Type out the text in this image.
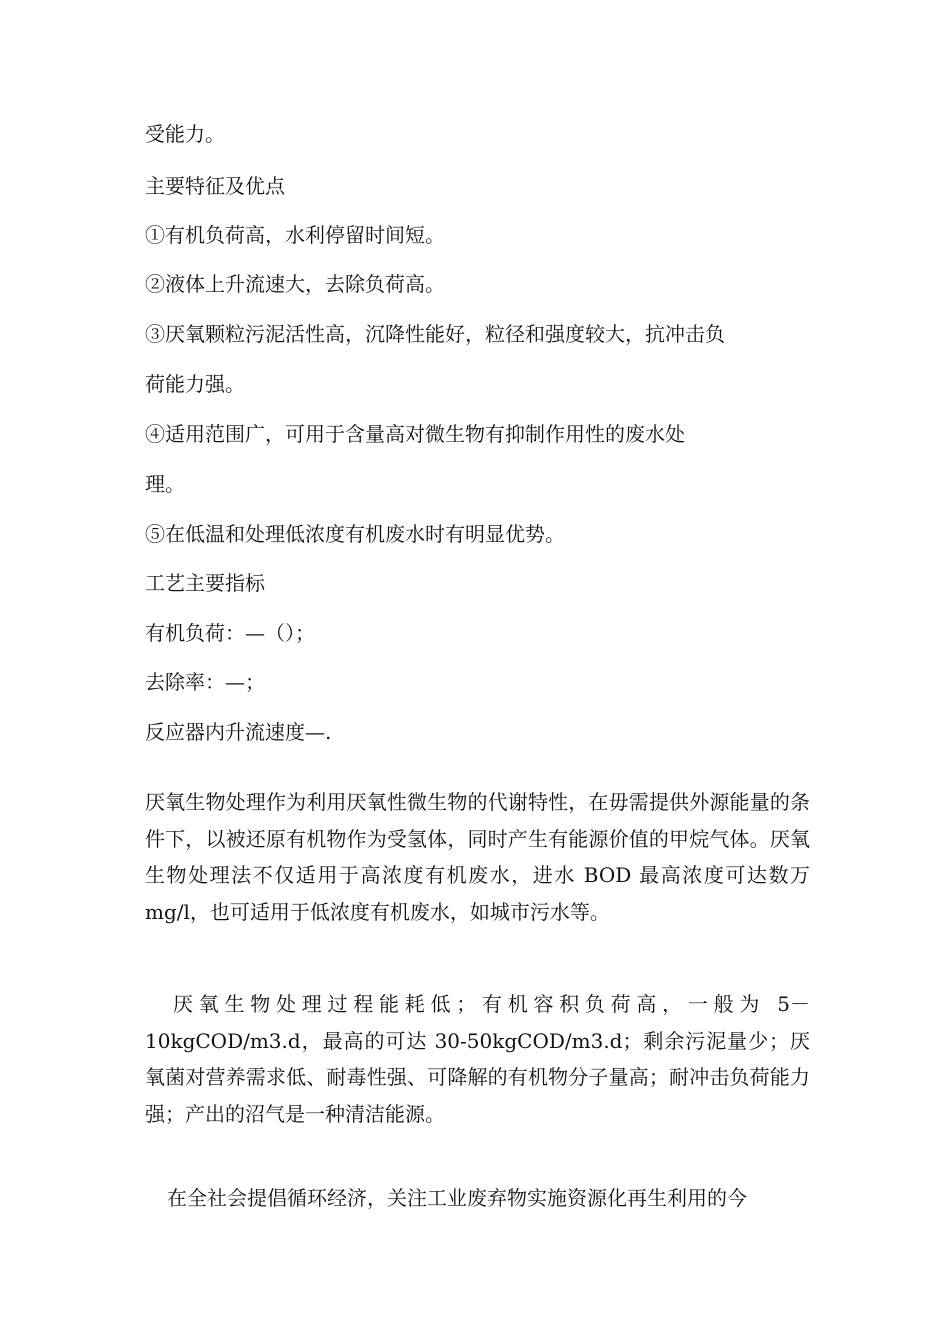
受能力。
主要特征及优点
①有机负荷高，水利停留时间短。
②液体上升流速大，去除负荷高。
③厌氧颗粒污泥活性高，沉降性能好，粒径和强度较大，抗冲击负
荷能力强。
④适用范围广，可用于含量高对微生物有抑制作用性的废水处
理。
⑤在低温和处理低浓度有机废水时有明显优势。
工艺主要指标
有机负荷：—（）；
去除率：—；
反应器内升流速度—.

厌氧生物处理作为利用厌氧性微生物的代谢特性，在毋需提供外源能量的条件下，以被还原有机物作为受氢体，同时产生有能源价值的甲烷气体。厌氧生物处理法不仅适用于高浓度有机废水，进水 BOD 最高浓度可达数万 mg/l，也可适用于低浓度有机废水，如城市污水等。

厌氧生物处理过程能耗低；有机容积负荷高，一般为 5－10kgCOD/m3.d，最高的可达 30-50kgCOD/m3.d；剩余污泥量少；厌氧菌对营养需求低、耐毒性强、可降解的有机物分子量高；耐冲击负荷能力强；产出的沼气是一种清洁能源。

在全社会提倡循环经济，关注工业废弃物实施资源化再生利用的今
